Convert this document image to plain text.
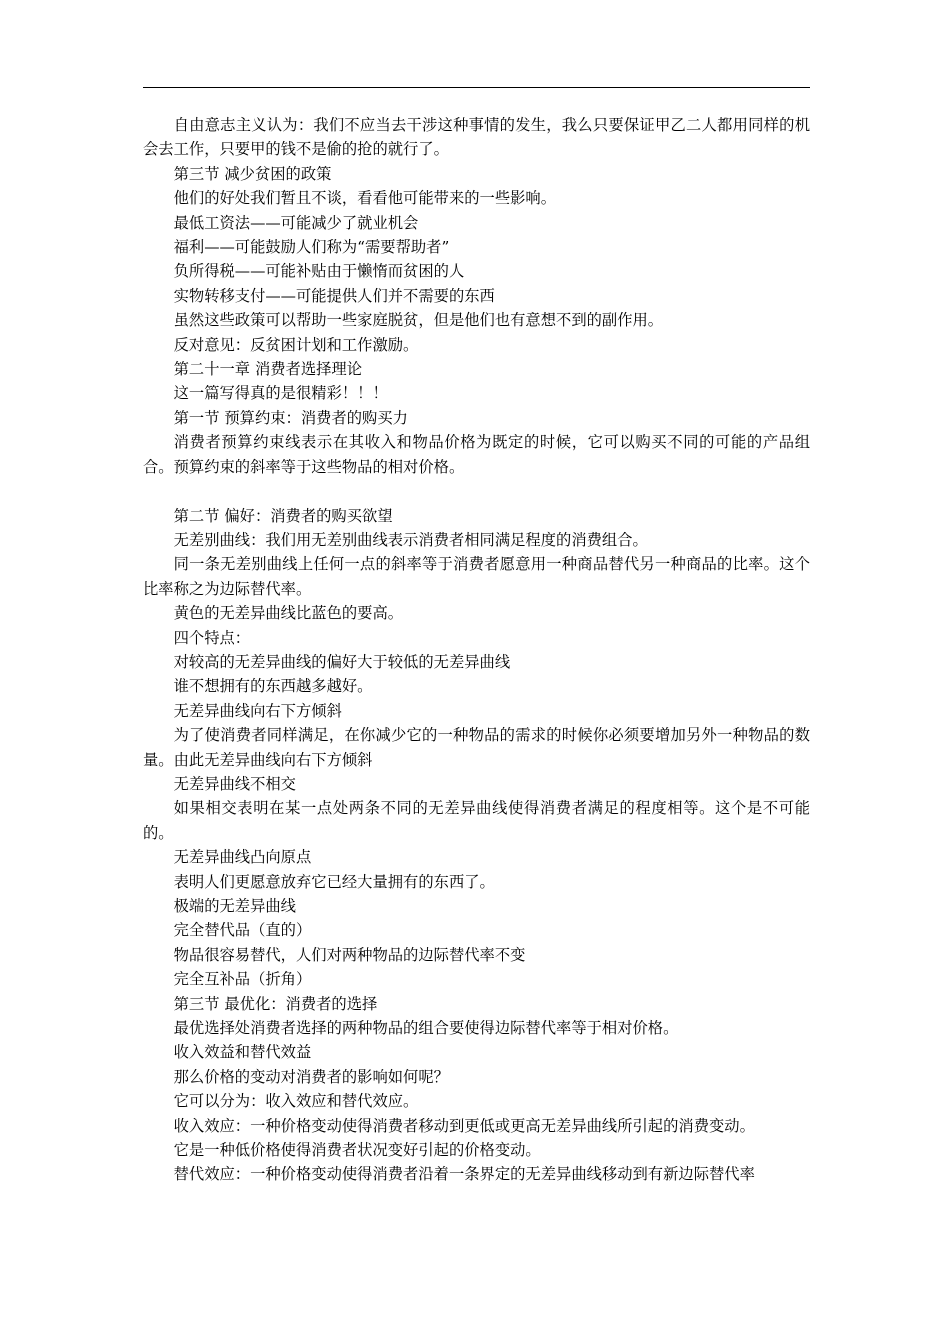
自由意志主义认为：我们不应当去干涉这种事情的发生，我么只要保证甲乙二人都用同样的机会去工作，只要甲的钱不是偷的抢的就行了。

第三节 减少贫困的政策

他们的好处我们暂且不谈，看看他可能带来的一些影响。

最低工资法——可能减少了就业机会

福利——可能鼓励人们称为“需要帮助者”

负所得税——可能补贴由于懒惰而贫困的人

实物转移支付——可能提供人们并不需要的东西

虽然这些政策可以帮助一些家庭脱贫，但是他们也有意想不到的副作用。

反对意见：反贫困计划和工作激励。

第二十一章 消费者选择理论

这一篇写得真的是很精彩！！！

第一节 预算约束：消费者的购买力

消费者预算约束线表示在其收入和物品价格为既定的时候，它可以购买不同的可能的产品组合。预算约束的斜率等于这些物品的相对价格。

第二节 偏好：消费者的购买欲望

无差别曲线：我们用无差别曲线表示消费者相同满足程度的消费组合。

同一条无差别曲线上任何一点的斜率等于消费者愿意用一种商品替代另一种商品的比率。这个比率称之为边际替代率。

黄色的无差异曲线比蓝色的要高。

四个特点：

对较高的无差异曲线的偏好大于较低的无差异曲线

谁不想拥有的东西越多越好。

无差异曲线向右下方倾斜

为了使消费者同样满足，在你减少它的一种物品的需求的时候你必须要增加另外一种物品的数量。由此无差异曲线向右下方倾斜

无差异曲线不相交

如果相交表明在某一点处两条不同的无差异曲线使得消费者满足的程度相等。这个是不可能的。

无差异曲线凸向原点

表明人们更愿意放弃它已经大量拥有的东西了。

极端的无差异曲线

完全替代品（直的）

物品很容易替代，人们对两种物品的边际替代率不变

完全互补品（折角）

第三节 最优化：消费者的选择

最优选择处消费者选择的两种物品的组合要使得边际替代率等于相对价格。

收入效益和替代效益

那么价格的变动对消费者的影响如何呢？

它可以分为：收入效应和替代效应。

收入效应：一种价格变动使得消费者移动到更低或更高无差异曲线所引起的消费变动。

它是一种低价格使得消费者状况变好引起的价格变动。

替代效应：一种价格变动使得消费者沿着一条界定的无差异曲线移动到有新边际替代率
